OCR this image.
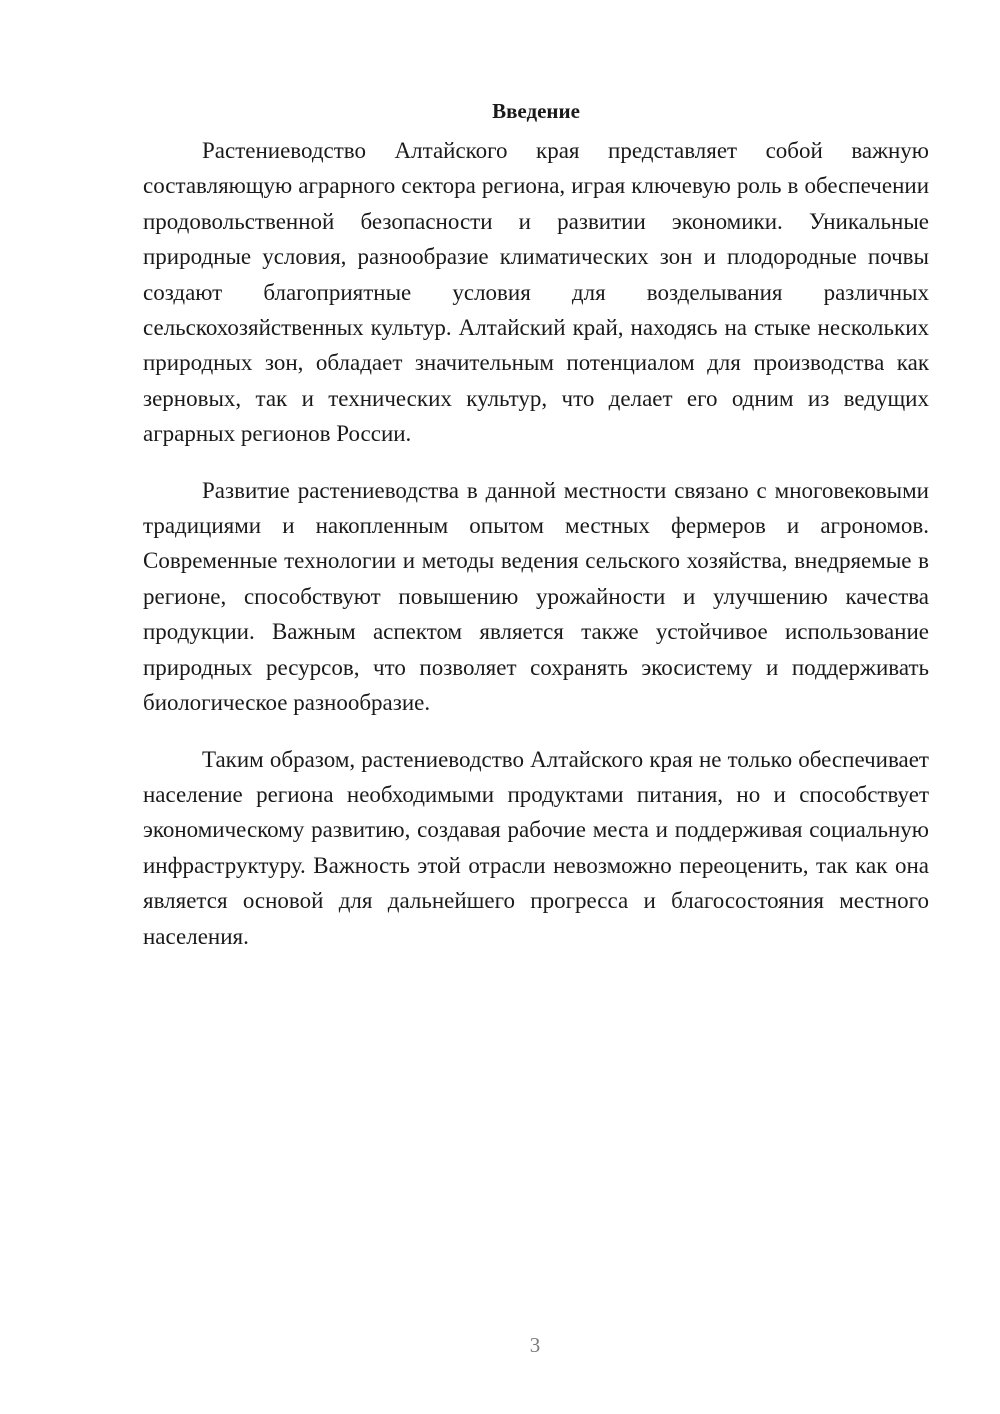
Введение

Растениеводство Алтайского края представляет собой важную составляющую аграрного сектора региона, играя ключевую роль в обеспечении продовольственной безопасности и развитии экономики. Уникальные природные условия, разнообразие климатических зон и плодородные почвы создают благоприятные условия для возделывания различных сельскохозяйственных культур. Алтайский край, находясь на стыке нескольких природных зон, обладает значительным потенциалом для производства как зерновых, так и технических культур, что делает его одним из ведущих аграрных регионов России.

Развитие растениеводства в данной местности связано с многовековыми традициями и накопленным опытом местных фермеров и агрономов. Современные технологии и методы ведения сельского хозяйства, внедряемые в регионе, способствуют повышению урожайности и улучшению качества продукции. Важным аспектом является также устойчивое использование природных ресурсов, что позволяет сохранять экосистему и поддерживать биологическое разнообразие.

Таким образом, растениеводство Алтайского края не только обеспечивает население региона необходимыми продуктами питания, но и способствует экономическому развитию, создавая рабочие места и поддерживая социальную инфраструктуру. Важность этой отрасли невозможно переоценить, так как она является основой для дальнейшего прогресса и благосостояния местного населения.

3
